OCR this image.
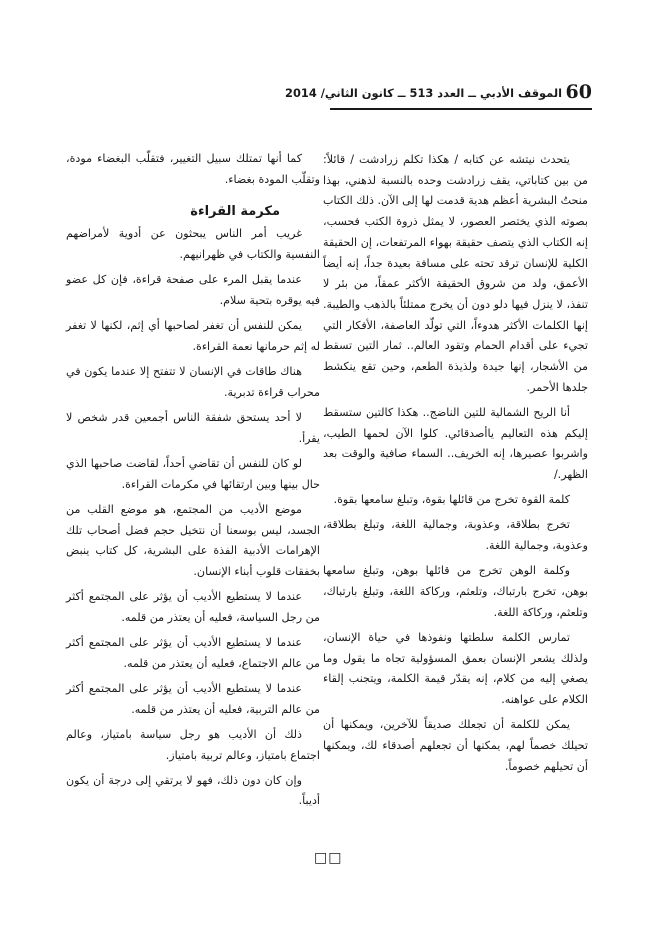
60
الموقف الأدبي ــ العدد 513 ــ كانون الثاني/ 2014

يتحدث نيتشه عن كتابه / هكذا تكلم زرادشت / قائلاً: من بين كتاباتي، يقف زرادشت وحده بالنسبة لذهني، بهذا منحتُ البشرية أعظم هدية قدمت لها إلى الآن. ذلك الكتاب بصوته الذي يختصر العصور، لا يمثل ذروة الكتب فحسب، إنه الكتاب الذي يتصف حقيقة بهواء المرتفعات، إن الحقيقة الكلية للإنسان ترقد تحته على مسافة بعيدة جداً، إنه أيضاً الأعمق، ولد من شروق الحقيقة الأكثر عمقاً، من بئر لا تنفذ، لا ينزل فيها دلو دون أن يخرج ممتلئاً بالذهب والطيبة. إنها الكلمات الأكثر هدوءاً، التي تولّد العاصفة، الأفكار التي تجيء على أقدام الحمام وتقود العالم.. ثمار التين تسقط من الأشجار، إنها جيدة ولذيذة الطعم، وحين تقع ينكشط جلدها الأحمر.

أنا الريح الشمالية للتين الناضج.. هكذا كالتين ستسقط إليكم هذه التعاليم ياأصدقائي. كلوا الآن لحمها الطيب، واشربوا عصيرها، إنه الخريف.. السماء صافية والوقت بعد الظهر./

كلمة القوة تخرج من قائلها بقوة، وتبلغ سامعها بقوة.

تخرج بطلاقة، وعذوبة، وجمالية اللغة، وتبلغ بطلاقة، وعذوبة، وجمالية اللغة.

وكلمة الوهن تخرج من قائلها بوهن، وتبلغ سامعها بوهن، تخرج بارتباك، وتلعثم، وركاكة اللغة، وتبلغ بارتباك، وتلعثم، وركاكة اللغة.

تمارس الكلمة سلطتها ونفوذها في حياة الإنسان، ولذلك يشعر الإنسان بعمق المسؤولية تجاه ما يقول وما يصغي إليه من كلام، إنه يقدّر قيمة الكلمة، ويتجنب إلقاء الكلام على عواهنه.

يمكن للكلمة أن تجعلك صديقاً للآخرين، ويمكنها أن تحيلك خصماً لهم، يمكنها أن تجعلهم أصدقاء لك، ويمكنها أن تحيلهم خصوماً.

كما أنها تمتلك سبيل التغيير، فتقلّب البغضاء مودة، وتقلّب المودة بغضاء.

مكرمة القراءة

غريب أمر الناس يبحثون عن أدوية لأمراضهم النفسية والكتاب في ظهرانيهم.

عندما يقبل المرء على صفحة قراءة، فإن كل عضو فيه يوقره بتحية سلام.

يمكن للنفس أن تغفر لصاحبها أي إثم، لكنها لا تغفر له إثم حرمانها نعمة القراءة.

هناك طاقات في الإنسان لا تتفتح إلا عندما يكون في محراب قراءة تدبرية.

لا أحد يستحق شفقة الناس أجمعين قدر شخص لا يقرأ.

لو كان للنفس أن تقاضي أحداً، لقاضت صاحبها الذي حال بينها وبين ارتقائها في مكرمات القراءة.

موضع الأديب من المجتمع، هو موضع القلب من الجسد، ليس بوسعنا أن نتخيل حجم فضل أصحاب تلك الإهرامات الأدبية الفذة على البشرية، كل كتاب ينبض بخفقات قلوب أبناء الإنسان.

عندما لا يستطيع الأديب أن يؤثر على المجتمع أكثر من رجل السياسة، فعليه أن يعتذر من قلمه.

عندما لا يستطيع الأديب أن يؤثر على المجتمع أكثر من عالم الاجتماع، فعليه أن يعتذر من قلمه.

عندما لا يستطيع الأديب أن يؤثر على المجتمع أكثر من عالم التربية، فعليه أن يعتذر من قلمه.

ذلك أن الأديب هو رجل سياسة بامتياز، وعالم اجتماع بامتياز، وعالم تربية بامتياز.

وإن كان دون ذلك، فهو لا يرتقي إلى درجة أن يكون أديباً.

□□
